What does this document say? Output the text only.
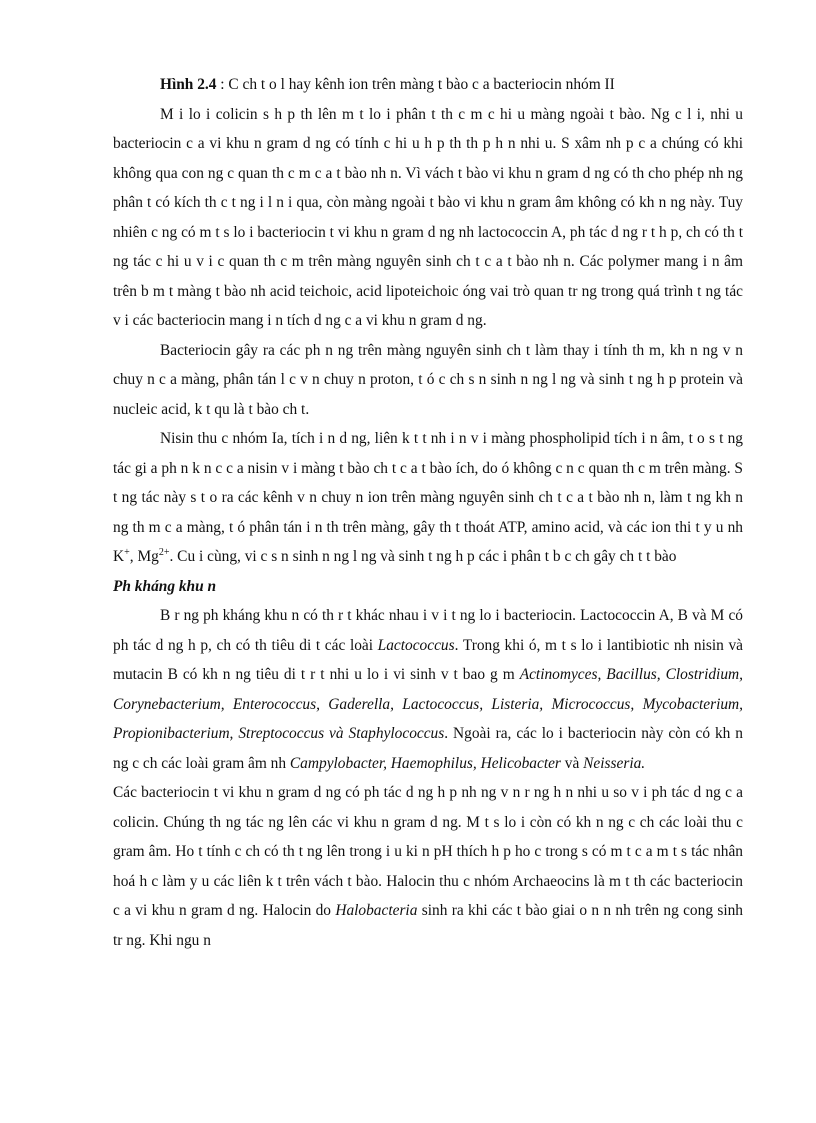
Hình 2.4 : C ch t o l hay kênh ion trên màng t bào c a bacteriocin nhóm II

M i lo i colicin s h p th lên m t lo i phân t th c m c hi u màng ngoài t bào. Ng c l i, nhi u bacteriocin c a vi khu n gram d ng có tính c hi u h p th th p h n nhi u. S xâm nh p c a chúng có khi không qua con ng c quan th c m c a t bào nh n. Vì vách t bào vi khu n gram d ng có th cho phép nh ng phân t có kích th c t ng i l n i qua, còn màng ngoài t bào vi khu n gram âm không có kh n ng này. Tuy nhiên c ng có m t s lo i bacteriocin t vi khu n gram d ng nh lactococcin A, ph tác d ng r t h p, ch có th t ng tác c hi u v i c quan th c m trên màng nguyên sinh ch t c a t bào nh n. Các polymer mang i n âm trên b m t màng t bào nh acid teichoic, acid lipoteichoic óng vai trò quan tr ng trong quá trình t ng tác v i các bacteriocin mang i n tích d ng c a vi khu n gram d ng.

Bacteriocin gây ra các ph n ng trên màng nguyên sinh ch t làm thay i tính th m, kh n ng v n chuy n c a màng, phân tán l c v n chuy n proton, t ó c ch s n sinh n ng l ng và sinh t ng h p protein và nucleic acid, k t qu là t bào ch t.

Nisin thu c nhóm Ia, tích i n d ng, liên k t t nh i n v i màng phospholipid tích i n âm, t o s t ng tác gi a ph n k n c c a nisin v i màng t bào ch t c a t bào ích, do ó không c n c quan th c m trên màng. S t ng tác này s t o ra các kênh v n chuy n ion trên màng nguyên sinh ch t c a t bào nh n, làm t ng kh n ng th m c a màng, t ó phân tán i n th trên màng, gây th t thoát ATP, amino acid, và các ion thi t y u nh K+, $Mg^{2+}$. Cu i cùng, vi c s n sinh n ng l ng và sinh t ng h p các i phân t b c ch gây ch t t bào

Ph kháng khu n

B r ng ph kháng khu n có th r t khác nhau i v i t ng lo i bacteriocin. Lactococcin A, B và M có ph tác d ng h p, ch có th tiêu di t các loài Lactococcus. Trong khi ó, m t s lo i lantibiotic nh nisin và mutacin B có kh n ng tiêu di t r t nhi u lo i vi sinh v t bao g m Actinomyces, Bacillus, Clostridium, Corynebacterium, Enterococcus, Gaderella, Lactococcus, Listeria, Micrococcus, Mycobacterium, Propionibacterium, Streptococcus và Staphylococcus. Ngoài ra, các lo i bacteriocin này còn có kh n ng c ch các loài gram âm nh Campylobacter, Haemophilus, Helicobacter và Neisseria.

Các bacteriocin t vi khu n gram d ng có ph tác d ng h p nh ng v n r ng h n nhi u so v i ph tác d ng c a colicin. Chúng th ng tác ng lên các vi khu n gram d ng. M t s lo i còn có kh n ng c ch các loài thu c gram âm. Ho t tính c ch có th t ng lên trong i u ki n pH thích h p ho c trong s có m t c a m t s tác nhân hoá h c làm y u các liên k t trên vách t bào. Halocin thu c nhóm Archaeocins là m t th các bacteriocin c a vi khu n gram d ng. Halocin do Halobacteria sinh ra khi các t bào giai o n n nh trên ng cong sinh tr ng. Khi ngu n
